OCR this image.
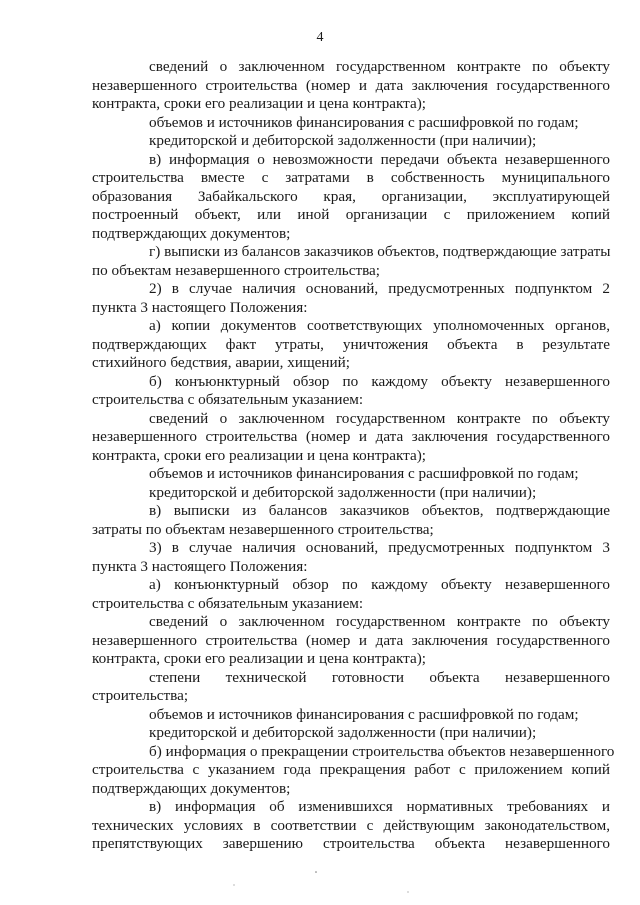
4
сведений о заключенном государственном контракте по объекту
незавершенного строительства (номер и дата заключения государственного
контракта, сроки его реализации и цена контракта);
объемов и источников финансирования с расшифровкой по годам;
кредиторской и дебиторской задолженности (при наличии);
в) информация о невозможности передачи объекта незавершенного
строительства вместе с затратами в собственность муниципального
образования Забайкальского края, организации, эксплуатирующей
построенный объект, или иной организации с приложением копий
подтверждающих документов;
г) выписки из балансов заказчиков объектов, подтверждающие затраты
по объектам незавершенного строительства;
2) в случае наличия оснований, предусмотренных подпунктом 2
пункта 3 настоящего Положения:
а) копии документов соответствующих уполномоченных органов,
подтверждающих факт утраты, уничтожения объекта в результате
стихийного бедствия, аварии, хищений;
б) конъюнктурный обзор по каждому объекту незавершенного
строительства с обязательным указанием:
сведений о заключенном государственном контракте по объекту
незавершенного строительства (номер и дата заключения государственного
контракта, сроки его реализации и цена контракта);
объемов и источников финансирования с расшифровкой по годам;
кредиторской и дебиторской задолженности (при наличии);
в) выписки из балансов заказчиков объектов, подтверждающие
затраты по объектам незавершенного строительства;
3) в случае наличия оснований, предусмотренных подпунктом 3
пункта 3 настоящего Положения:
а) конъюнктурный обзор по каждому объекту незавершенного
строительства с обязательным указанием:
сведений о заключенном государственном контракте по объекту
незавершенного строительства (номер и дата заключения государственного
контракта, сроки его реализации и цена контракта);
степени технической готовности объекта незавершенного
строительства;
объемов и источников финансирования с расшифровкой по годам;
кредиторской и дебиторской задолженности (при наличии);
б) информация о прекращении строительства объектов незавершенного
строительства с указанием года прекращения работ с приложением копий
подтверждающих документов;
в) информация об изменившихся нормативных требованиях и
технических условиях в соответствии с действующим законодательством,
препятствующих завершению строительства объекта незавершенного
